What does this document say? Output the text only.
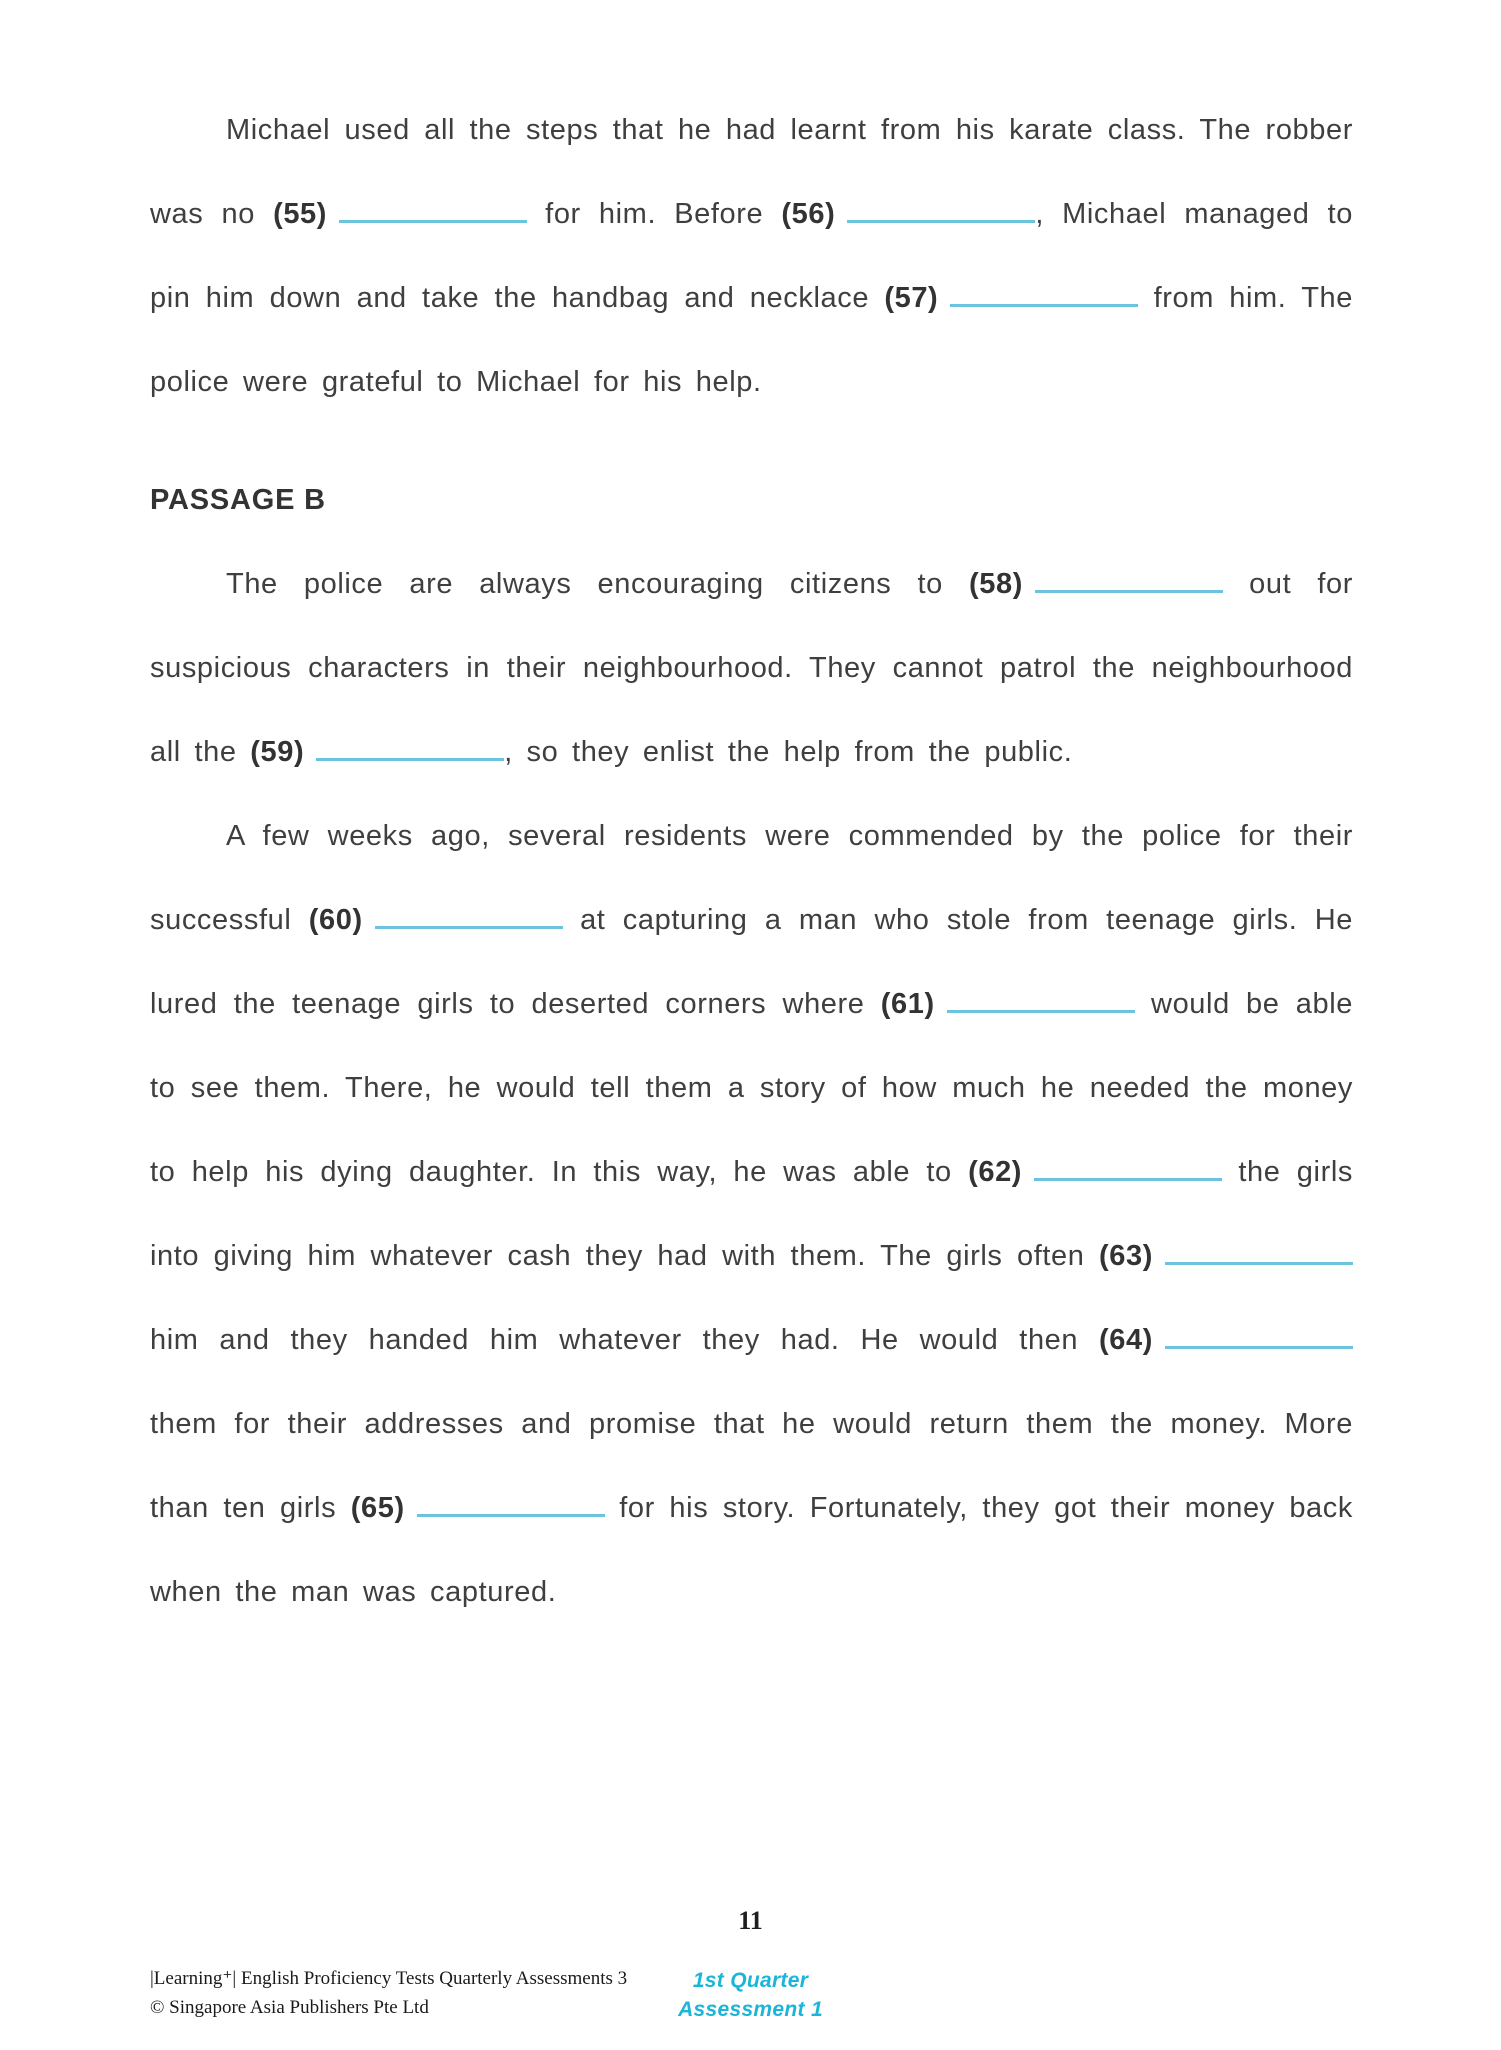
Michael used all the steps that he had learnt from his karate class. The robber was no (55)	for him. Before (56)	, Michael managed to pin him down and take the handbag and necklace (57)	from him. The police were grateful to Michael for his help.

PASSAGE B

The police are always encouraging citizens to (58)	out for suspicious characters in their neighbourhood. They cannot patrol the neighbourhood all the (59)	, so they enlist the help from the public.

A few weeks ago, several residents were commended by the police for their successful (60)	at capturing a man who stole from teenage girls. He lured the teenage girls to deserted corners where (61)	would be able to see them. There, he would tell them a story of how much he needed the money to help his dying daughter. In this way, he was able to (62)	the girls into giving him whatever cash they had with them. The girls often (63) him and they handed him whatever they had. He would then (64) them for their addresses and promise that he would return them the money. More than ten girls (65)	for his story. Fortunately, they got their money back when the man was captured.

11
|Learning⁺| English Proficiency Tests Quarterly Assessments 3
© Singapore Asia Publishers Pte Ltd
1st Quarter
Assessment 1
